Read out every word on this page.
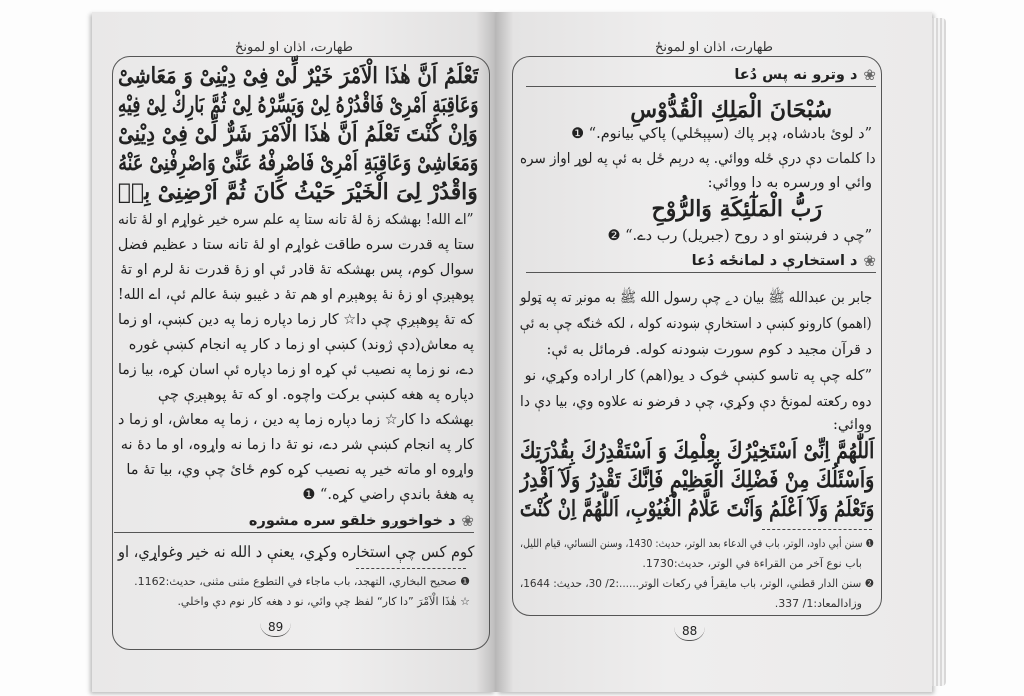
طهارت، اذان او لمونځ
تَعْلَمُ اَنَّ هٰذَا الْاَمْرَ خَيْرٌ لِّیْ فِیْ دِيْنِیْ وَ مَعَاشِیْ
وَعَاقِبَةِ اَمْرِیْ فَاقْدُرْهُ لِیْ وَيَسِّرْهُ لِیْ ثُمَّ بَارِكْ لِیْ فِيْهِ
وَاِنْ كُنْتَ تَعْلَمُ اَنَّ هٰذَا الْاَمْرَ شَرٌّ لِّیْ فِیْ دِيْنِیْ
وَمَعَاشِیْ وَعَاقِبَةِ اَمْرِیْ فَاصْرِفْهُ عَنِّیْ وَاصْرِفْنِیْ عَنْهُ
وَاقْدُرْ لِیَ الْخَيْرَ حَيْثُ كَانَ ثُمَّ اَرْضِنِیْ بِهٖ
”اے الله! بهشكه زهٔ لهٔ تانه ستا په علم سره خير غواړم او لهٔ تانه
ستا په قدرت سره طاقت غواړم او لهٔ تانه ستا د عظيم فضل
سوال كوم، پس بهشكه تهٔ قادر ئې او زهٔ قدرت نهٔ لرم او تهٔ
پوهېږې او زهٔ نهٔ پوهېږم او هم تهٔ د غيبو ښهٔ عالم ئې، اے الله!
كه تهٔ پوهېږې چې دا☆ كار زما دپاره زما په دين كښې، او زما
په معاش(دې ژوند) كښې او زما د كار په انجام كښې غوره
دے، نو زما په نصيب ئې كړه او زما دپاره ئې اسان كړه، بيا زما
دپاره په هغه كښې بركت واچوه. او كه تهٔ پوهېږې چې
بهشكه دا كار☆ زما دپاره زما په دين ، زما په معاش، او زما د
كار په انجام كښې شر دے، نو تهٔ دا زما نه واړوه، او ما دهٔ نه
واړوه او ماته خير په نصيب كړه كوم ځائ چې وي، بيا تهٔ ما
په هغهٔ باندې راضي كړه.“ ❶
❀
د خواخوږو خلقو سره مشوره
كوم كس چې استخاره وكړي، يعنې د الله نه خير وغواړي، او
❶ صحيح البخاري، التهجد، باب ماجاء في التطوع مثنى مثنى، حديث:1162.
☆ هٰذَا الْاَمْرَ ”دا كار“ لفظ چې وائي، نو د هغه كار نوم دې واخلي.
89
طهارت، اذان او لمونځ
❀
د وترو نه پس دُعا
سُبْحَانَ الْمَلِكِ الْقُدُّوْسِ
”د لوئ بادشاه، ډېر پاك (سپېځلي) پاكي بيانوم.“ ❶
دا كلمات دې درې ځله ووائي. په درېم ځل به ئې په لوړ اواز سره
وائي او ورسره به دا ووائي:
رَبُّ الْمَلٰٓئِكَةِ وَالرُّوْحِ
”چې د فرښتو او د روح (جبريل) رب دے.“ ❷
❀
د استخارې د لمانځه دُعا
جابر بن عبدالله ﷺ بيان دے چې رسول الله ﷺ به مونږ ته په ټولو
(اهمو) كارونو كښې د استخارې ښودنه كوله ، لكه څنګه چې به ئې
د قرآن مجيد د كوم سورت ښودنه كوله. فرمائل به ئې:
”كله چې په تاسو كښې څوک د يو(اهم) كار اراده وكړي، نو
دوه ركعته لمونځ دې وكړي، چې د فرضو نه علاوه وي، بيا دې دا
ووائي:
اَللّٰهُمَّ اِنِّیْ اَسْتَخِيْرُكَ بِعِلْمِكَ وَ اَسْتَقْدِرُكَ بِقُدْرَتِكَ
وَاَسْئَلُكَ مِنْ فَضْلِكَ الْعَظِيْمِ فَاِنَّكَ تَقْدِرُ وَلَآ اَقْدِرُ
وَتَعْلَمُ وَلَآ اَعْلَمُ وَاَنْتَ عَلَّامُ الْغُيُوْبِ، اَللّٰهُمَّ اِنْ كُنْتَ
❶ سنن أبي داود، الوتر، باب في الدعاء بعد الوتر، حديث: 1430، وسنن النسائي، قيام الليل،
باب نوع آخر من القراءة في الوتر، حديث:1730.
❷ سنن الدار قطني، الوتر، باب مايقرأ في ركعات الوتر......:2/ 30، حديث: 1644،
وزادالمعاد:1/ 337.
88
